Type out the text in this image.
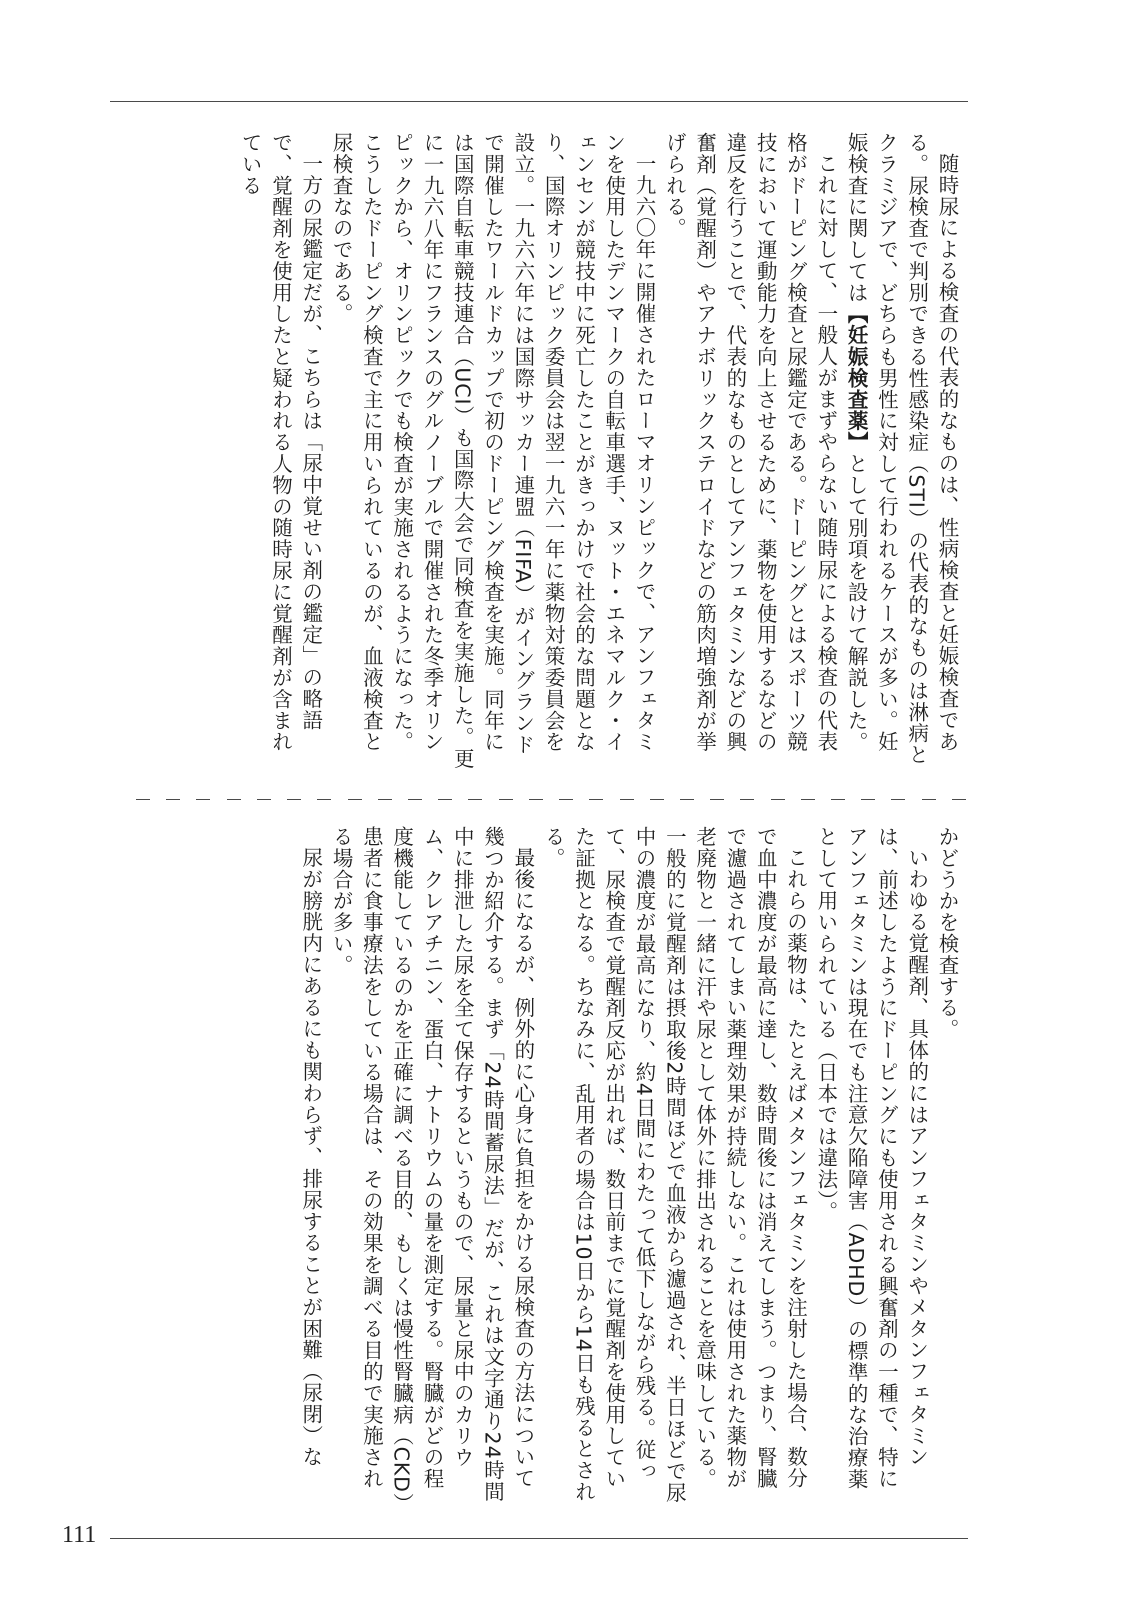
随時尿による検査の代表的なものは、性病検査と妊娠検査である。尿検査で判別できる性感染症（STI）の代表的なものは淋病とクラミジアで、どちらも男性に対して行われるケースが多い。妊娠検査に関しては【妊娠検査薬】として別項を設けて解説した。

これに対して、一般人がまずやらない随時尿による検査の代表格がドーピング検査と尿鑑定である。ドーピングとはスポーツ競技において運動能力を向上させるために、薬物を使用するなどの違反を行うことで、代表的なものとしてアンフェタミンなどの興奮剤（覚醒剤）やアナボリックステロイドなどの筋肉増強剤が挙げられる。

一九六〇年に開催されたローマオリンピックで、アンフェタミンを使用したデンマークの自転車選手、ヌット・エネマルク・イェンセンが競技中に死亡したことがきっかけで社会的な問題となり、国際オリンピック委員会は翌一九六一年に薬物対策委員会を設立。一九六六年には国際サッカー連盟（FIFA）がイングランドで開催したワールドカップで初のドーピング検査を実施。同年には国際自転車競技連合（UCI）も国際大会で同検査を実施した。更に一九六八年にフランスのグルノーブルで開催された冬季オリンピックから、オリンピックでも検査が実施されるようになった。こうしたドーピング検査で主に用いられているのが、血液検査と尿検査なのである。

一方の尿鑑定だが、こちらは「尿中覚せい剤の鑑定」の略語で、覚醒剤を使用したと疑われる人物の随時尿に覚醒剤が含まれている

かどうかを検査する。

いわゆる覚醒剤、具体的にはアンフェタミンやメタンフェタミンは、前述したようにドーピングにも使用される興奮剤の一種で、特にアンフェタミンは現在でも注意欠陥障害（ADHD）の標準的な治療薬として用いられている（日本では違法）。

これらの薬物は、たとえばメタンフェタミンを注射した場合、数分で血中濃度が最高に達し、数時間後には消えてしまう。つまり、腎臓で濾過されてしまい薬理効果が持続しない。これは使用された薬物が老廃物と一緒に汗や尿として体外に排出されることを意味している。一般的に覚醒剤は摂取後2時間ほどで血液から濾過され、半日ほどで尿中の濃度が最高になり、約4日間にわたって低下しながら残る。従って、尿検査で覚醒剤反応が出れば、数日前までに覚醒剤を使用していた証拠となる。ちなみに、乱用者の場合は10日から14日も残るとされる。

最後になるが、例外的に心身に負担をかける尿検査の方法について幾つか紹介する。まず「24時間蓄尿法」だが、これは文字通り24時間中に排泄した尿を全て保存するというもので、尿量と尿中のカリウム、クレアチニン、蛋白、ナトリウムの量を測定する。腎臓がどの程度機能しているのかを正確に調べる目的、もしくは慢性腎臓病（CKD）患者に食事療法をしている場合は、その効果を調べる目的で実施される場合が多い。

尿が膀胱内にあるにも関わらず、排尿することが困難（尿閉）な

111
